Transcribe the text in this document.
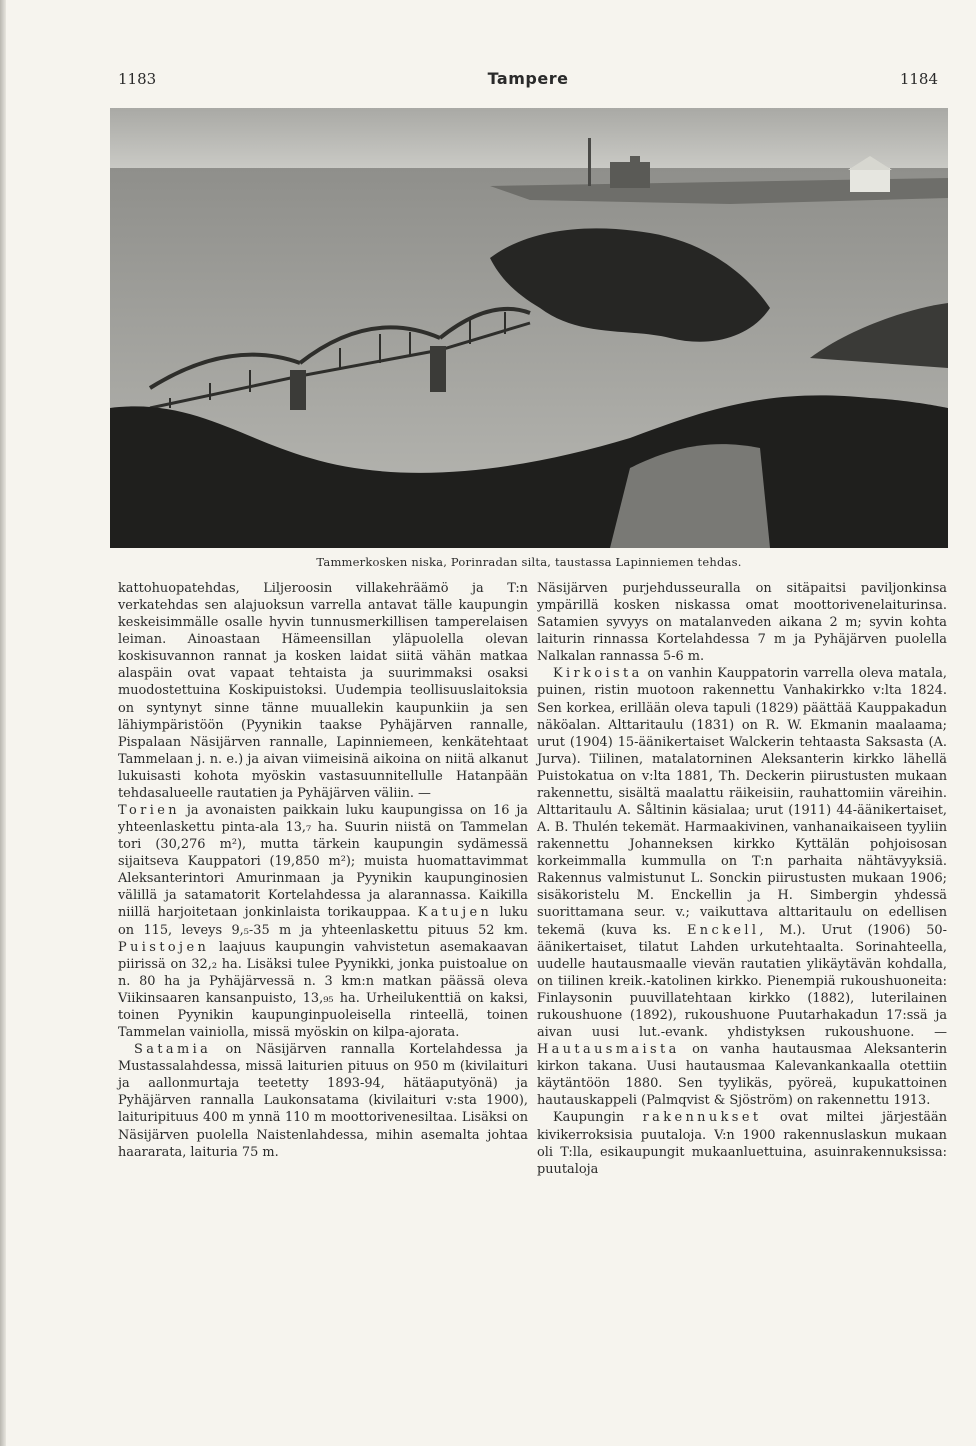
1183	Tampere	1184
Tammerkosken niska, Porinradan silta, taustassa Lapinniemen tehdas.

kattohuopatehdas, Liljeroosin villakehräämö ja T:n verkatehdas sen alajuoksun varrella antavat tälle kaupungin keskeisimmälle osalle hyvin tunnusmerkillisen tamperelaisen leiman. Ainoastaan Hämeensillan yläpuolella olevan koskisuvannon rannat ja kosken laidat siitä vähän matkaa alaspäin ovat vapaat tehtaista ja suurimmaksi osaksi muodostettuina Koskipuistoksi. Uudempia teollisuuslaitoksia on syntynyt sinne tänne muuallekin kaupunkiin ja sen lähiympäristöön (Pyynikin taakse Pyhäjärven rannalle, Pispalaan Näsijärven rannalle, Lapinniemeen, kenkätehtaat Tammelaan j. n. e.) ja aivan viimeisinä aikoina on niitä alkanut lukuisasti kohota myöskin vastasuunnitellulle Hatanpään tehdasalueelle rautatien ja Pyhäjärven väliin. —

Torien ja avonaisten paikkain luku kaupungissa on 16 ja yhteenlaskettu pinta-ala 13,₇ ha. Suurin niistä on Tammelan tori (30,276 m²), mutta tärkein kaupungin sydämessä sijaitseva Kauppatori (19,850 m²); muista huomattavimmat Aleksanterintori Amurinmaan ja Pyynikin kaupunginosien välillä ja satamatorit Kortelahdessa ja alarannassa. Kaikilla niillä harjoitetaan jonkinlaista torikauppaa. Katujen luku on 115, leveys 9,₅-35 m ja yhteenlaskettu pituus 52 km. Puistojen laajuus kaupungin vahvistetun asemakaavan piirissä on 32,₂ ha. Lisäksi tulee Pyynikki, jonka puistoalue on n. 80 ha ja Pyhäjärvessä n. 3 km:n matkan päässä oleva Viikinsaaren kansanpuisto, 13,₉₅ ha. Urheilukenttiä on kaksi, toinen Pyynikin kaupunginpuoleisella rinteellä, toinen Tammelan vainiolla, missä myöskin on kilpa-ajorata.

Satamia on Näsijärven rannalla Kortelahdessa ja Mustassalahdessa, missä laiturien pituus on 950 m (kivilaituri ja aallonmurtaja teetetty 1893-94, hätäaputyönä) ja Pyhäjärven rannalla Laukonsatama (kivilaituri v:sta 1900), laituripituus 400 m ynnä 110 m moottorivenesiltaa. Lisäksi on Näsijärven puolella Naistenlahdessa, mihin asemalta johtaa haararata, laituria 75 m.

Näsijärven purjehdusseuralla on sitäpaitsi paviljonkinsa ympärillä kosken niskassa omat moottorivenelaiturinsa. Satamien syvyys on matalanveden aikana 2 m; syvin kohta laiturin rinnassa Kortelahdessa 7 m ja Pyhäjärven puolella Nalkalan rannassa 5-6 m.

Kirkoista on vanhin Kauppatorin varrella oleva matala, puinen, ristin muotoon rakennettu Vanhakirkko v:lta 1824. Sen korkea, erillään oleva tapuli (1829) päättää Kauppakadun näköalan. Alttaritaulu (1831) on R. W. Ekmanin maalaama; urut (1904) 15-äänikertaiset Walckerin tehtaasta Saksasta (A. Jurva). Tiilinen, matalatorninen Aleksanterin kirkko lähellä Puistokatua on v:lta 1881, Th. Deckerin piirustusten mukaan rakennettu, sisältä maalattu räikeisiin, rauhattomiin väreihin. Alttaritaulu A. Såltinin käsialaa; urut (1911) 44-äänikertaiset, A. B. Thulén tekemät. Harmaakivinen, vanhanaikaiseen tyyliin rakennettu Johanneksen kirkko Kyttälän pohjoisosan korkeimmalla kummulla on T:n parhaita nähtävyyksiä. Rakennus valmistunut L. Sonckin piirustusten mukaan 1906; sisäkoristelu M. Enckellin ja H. Simbergin yhdessä suorittamana seur. v.; vaikuttava alttaritaulu on edellisen tekemä (kuva ks. Enckell, M.). Urut (1906) 50-äänikertaiset, tilatut Lahden urkutehtaalta. Sorinahteella, uudelle hautausmaalle vievän rautatien ylikäytävän kohdalla, on tiilinen kreik.-katolinen kirkko. Pienempiä rukoushuoneita: Finlaysonin puuvillatehtaan kirkko (1882), luterilainen rukoushuone (1892), rukoushuone Puutarhakadun 17:ssä ja aivan uusi lut.-evank. yhdistyksen rukoushuone. — Hautausmaista on vanha hautausmaa Aleksanterin kirkon takana. Uusi hautausmaa Kalevankankaalla otettiin käytäntöön 1880. Sen tyylikäs, pyöreä, kupukattoinen hautauskappeli (Palmqvist & Sjöström) on rakennettu 1913.

Kaupungin rakennukset ovat miltei järjestään kivikerroksisia puutaloja. V:n 1900 rakennuslaskun mukaan oli T:lla, esikaupungit mukaanluettuina, asuinrakennuksissa: puutaloja
